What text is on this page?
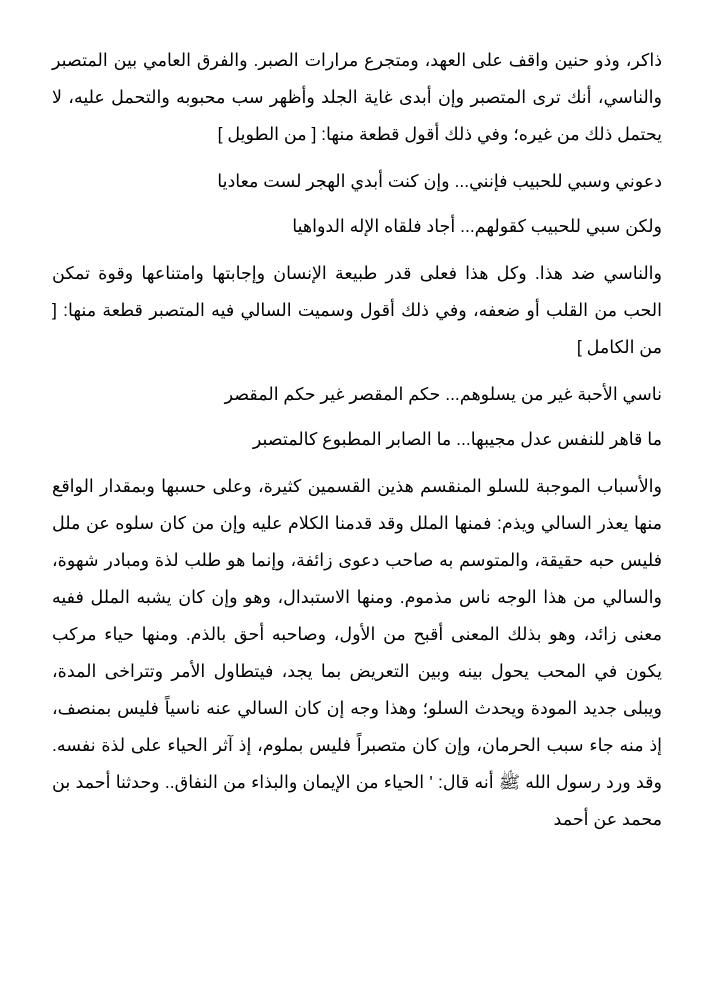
ذاكر، وذو حنين واقف على العهد، ومتجرع مرارات الصبر. والفرق العامي بين المتصبر والناسي، أنك ترى المتصبر وإن أبدى غاية الجلد وأظهر سب محبوبه والتحمل عليه، لا يحتمل ذلك من غيره؛ وفي ذلك أقول قطعة منها: [ من الطويل ]

دعوني وسبي للحبيب فإنني... وإن كنت أبدي الهجر لست معاديا

ولكن سبي للحبيب كقولهم... أجاد فلقاه الإله الدواهيا

والناسي ضد هذا. وكل هذا فعلى قدر طبيعة الإنسان وإجابتها وامتناعها وقوة تمكن الحب من القلب أو ضعفه، وفي ذلك أقول وسميت السالي فيه المتصبر قطعة منها: [ من الكامل ]

ناسي الأحبة غير من يسلوهم... حكم المقصر غير حكم المقصر

ما قاهر للنفس عدل مجيبها... ما الصابر المطبوع كالمتصبر

والأسباب الموجبة للسلو المنقسم هذين القسمين كثيرة، وعلى حسبها وبمقدار الواقع منها يعذر السالي ويذم: فمنها الملل وقد قدمنا الكلام عليه وإن من كان سلوه عن ملل فليس حبه حقيقة، والمتوسم به صاحب دعوى زائفة، وإنما هو طلب لذة ومبادر شهوة، والسالي من هذا الوجه ناس مذموم. ومنها الاستبدال، وهو وإن كان يشبه الملل ففيه معنى زائد، وهو بذلك المعنى أقبح من الأول، وصاحبه أحق بالذم. ومنها حياء مركب يكون في المحب يحول بينه وبين التعريض بما يجد، فيتطاول الأمر وتتراخى المدة، ويبلى جديد المودة ويحدث السلو؛ وهذا وجه إن كان السالي عنه ناسياً فليس بمنصف، إذ منه جاء سبب الحرمان، وإن كان متصبراً فليس بملوم، إذ آثر الحياء على لذة نفسه. وقد ورد رسول الله ﷺ أنه قال: ' الحياء من الإيمان والبذاء من النفاق.. وحدثنا أحمد بن محمد عن أحمد
